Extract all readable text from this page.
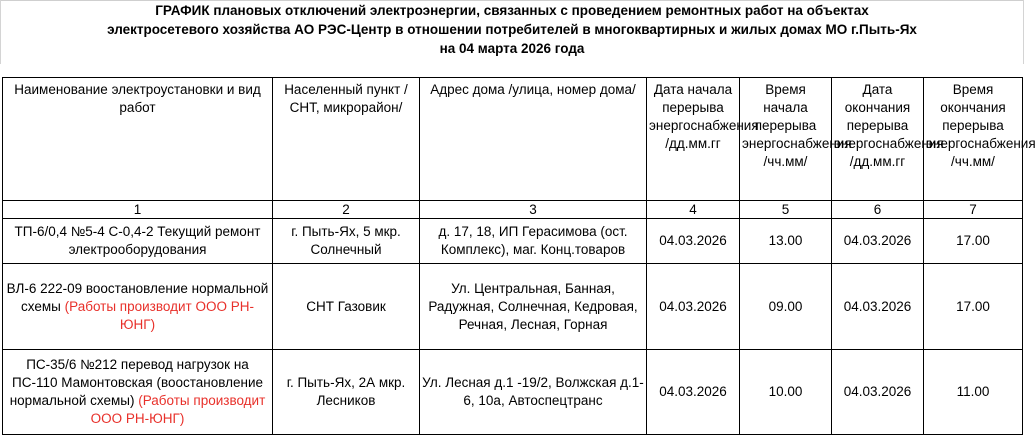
ГРАФИК плановых отключений электроэнергии, связанных с проведением ремонтных работ на объектах
электросетевого хозяйства АО РЭС-Центр в отношении потребителей в многоквартирных и жилых домах МО г.Пыть-Ях
на 04 марта 2026 года
Наименование электроустановки и вид работ	Населенный пункт /СНТ, микрорайон/	Адрес дома /улица, номер дома/	Дата начала перерыва энергоснабжения /дд.мм.гг	Время начала перерыва энергоснабжения /чч.мм/	Дата окончания перерыва энергоснабжения /дд.мм.гг	Время окончания перерыва энергоснабжения /чч.мм/
1	2	3	4	5	6	7
ТП-6/0,4 №5-4 С-0,4-2 Текущий ремонт электрооборудования	г. Пыть-Ях, 5 мкр. Солнечный	д. 17, 18, ИП Герасимова (ост. Комплекс), маг. Конц.товаров	04.03.2026	13.00	04.03.2026	17.00
ВЛ-6 222-09 воостановление нормальной схемы (Работы производит ООО РН-ЮНГ)	СНТ Газовик	Ул. Центральная, Банная, Радужная, Солнечная, Кедровая, Речная, Лесная, Горная	04.03.2026	09.00	04.03.2026	17.00
ПС-35/6 №212 перевод нагрузок на ПС-110 Мамонтовская (воостановление нормальной схемы) (Работы производит ООО РН-ЮНГ)	г. Пыть-Ях, 2А мкр. Лесников	Ул. Лесная д.1 -19/2, Волжская д.1-6, 10а, Автоспецтранс	04.03.2026	10.00	04.03.2026	11.00
